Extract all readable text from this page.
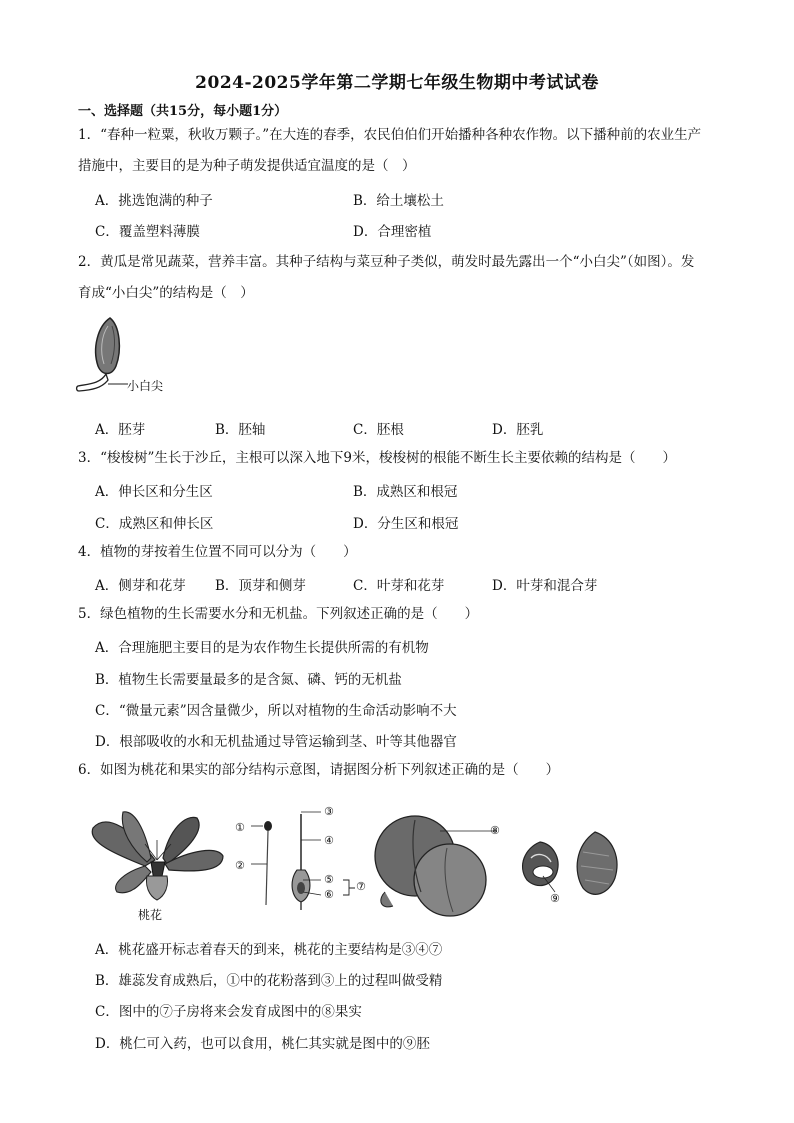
2024-2025学年第二学期七年级生物期中考试试卷
一、选择题（共15分，每小题1分）
1．“春种一粒粟，秋收万颗子。”在大连的春季，农民伯伯们开始播种各种农作物。以下播种前的农业生产
措施中，主要目的是为种子萌发提供适宜温度的是（　）
A．挑选饱满的种子	B．给土壤松土
C．覆盖塑料薄膜	D．合理密植
2．黄瓜是常见蔬菜，营养丰富。其种子结构与菜豆种子类似，萌发时最先露出一个“小白尖”（如图）。发
育成“小白尖”的结构是（　）
小白尖
A．胚芽	B．胚轴	C．胚根	D．胚乳
3．“梭梭树”生长于沙丘，主根可以深入地下9米，梭梭树的根能不断生长主要依赖的结构是（　　）
A．伸长区和分生区	B．成熟区和根冠
C．成熟区和伸长区	D．分生区和根冠
4．植物的芽按着生位置不同可以分为（　　）
A．侧芽和花芽 B．顶芽和侧芽	C．叶芽和花芽	D．叶芽和混合芽
5．绿色植物的生长需要水分和无机盐。下列叙述正确的是（　　）
A．合理施肥主要目的是为农作物生长提供所需的有机物
B．植物生长需要量最多的是含氮、磷、钙的无机盐
C．“微量元素”因含量微少，所以对植物的生命活动影响不大
D．根部吸收的水和无机盐通过导管运输到茎、叶等其他器官
6．如图为桃花和果实的部分结构示意图，请据图分析下列叙述正确的是（　　）
①
②
③
④
⑤
⑥
⑦
⑧
⑨
桃花
A．桃花盛开标志着春天的到来，桃花的主要结构是③④⑦
B．雄蕊发育成熟后，①中的花粉落到③上的过程叫做受精
C．图中的⑦子房将来会发育成图中的⑧果实
D．桃仁可入药，也可以食用，桃仁其实就是图中的⑨胚
